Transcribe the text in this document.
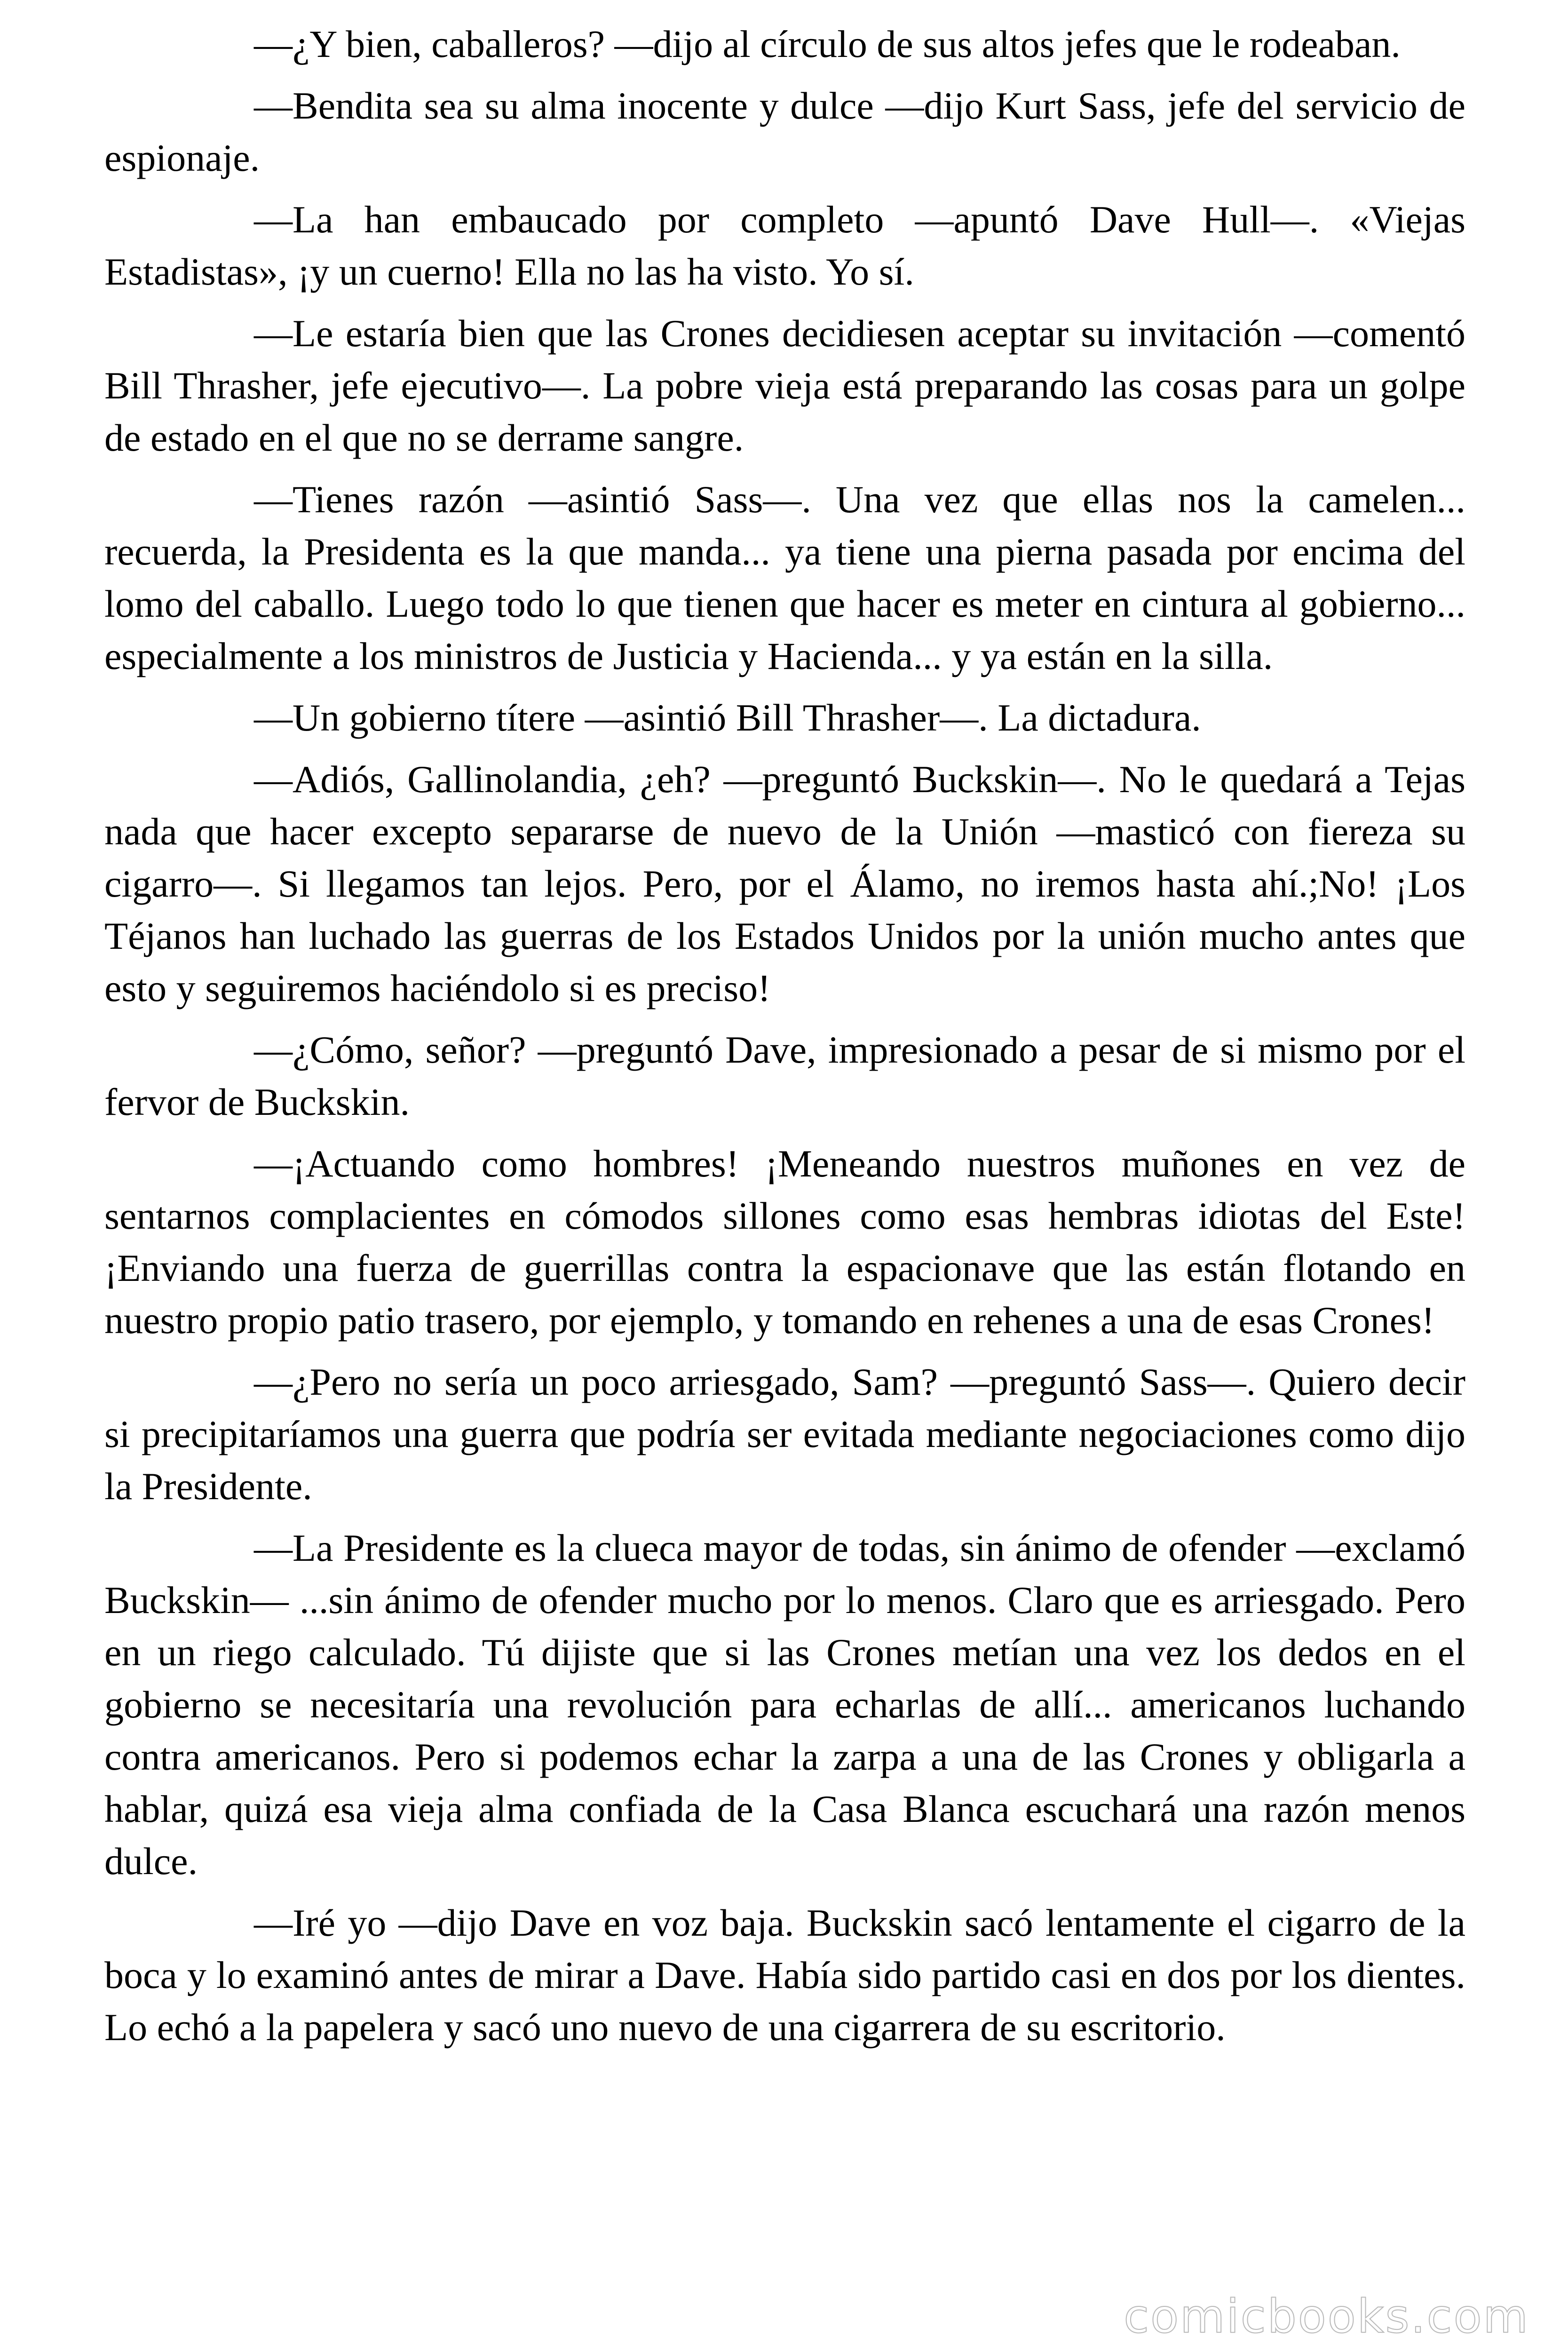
—¿Y bien, caballeros? —dijo al círculo de sus altos jefes que le rodeaban.

—Bendita sea su alma inocente y dulce —dijo Kurt Sass, jefe del servicio de espionaje.

—La han embaucado por completo —apuntó Dave Hull—. «Viejas Estadistas», ¡y un cuerno! Ella no las ha visto. Yo sí.

—Le estaría bien que las Crones decidiesen aceptar su invitación —comentó Bill Thrasher, jefe ejecutivo—. La pobre vieja está preparando las cosas para un golpe de estado en el que no se derrame sangre.

—Tienes razón —asintió Sass—. Una vez que ellas nos la camelen... recuerda, la Presidenta es la que manda... ya tiene una pierna pasada por encima del lomo del caballo. Luego todo lo que tienen que hacer es meter en cintura al gobierno... especialmente a los ministros de Justicia y Hacienda... y ya están en la silla.

—Un gobierno títere —asintió Bill Thrasher—. La dictadura.

—Adiós, Gallinolandia, ¿eh? —preguntó Buckskin—. No le quedará a Tejas nada que hacer excepto separarse de nuevo de la Unión —masticó con fiereza su cigarro—. Si llegamos tan lejos. Pero, por el Álamo, no iremos hasta ahí.;No! ¡Los Téjanos han luchado las guerras de los Estados Unidos por la unión mucho antes que esto y seguiremos haciéndolo si es preciso!

—¿Cómo, señor? —preguntó Dave, impresionado a pesar de si mismo por el fervor de Buckskin.

—¡Actuando como hombres! ¡Meneando nuestros muñones en vez de sentarnos complacientes en cómodos sillones como esas hembras idiotas del Este! ¡Enviando una fuerza de guerrillas contra la espacionave que las están flotando en nuestro propio patio trasero, por ejemplo, y tomando en rehenes a una de esas Crones!

—¿Pero no sería un poco arriesgado, Sam? —preguntó Sass—. Quiero decir si precipitaríamos una guerra que podría ser evitada mediante negociaciones como dijo la Presidente.

—La Presidente es la clueca mayor de todas, sin ánimo de ofender —exclamó Buckskin— ...sin ánimo de ofender mucho por lo menos. Claro que es arriesgado. Pero en un riego calculado. Tú dijiste que si las Crones metían una vez los dedos en el gobierno se necesitaría una revolución para echarlas de allí... americanos luchando contra americanos. Pero si podemos echar la zarpa a una de las Crones y obligarla a hablar, quizá esa vieja alma confiada de la Casa Blanca escuchará una razón menos dulce.

—Iré yo —dijo Dave en voz baja. Buckskin sacó lentamente el cigarro de la boca y lo examinó antes de mirar a Dave. Había sido partido casi en dos por los dientes. Lo echó a la papelera y sacó uno nuevo de una cigarrera de su escritorio.

comicbooks.com
